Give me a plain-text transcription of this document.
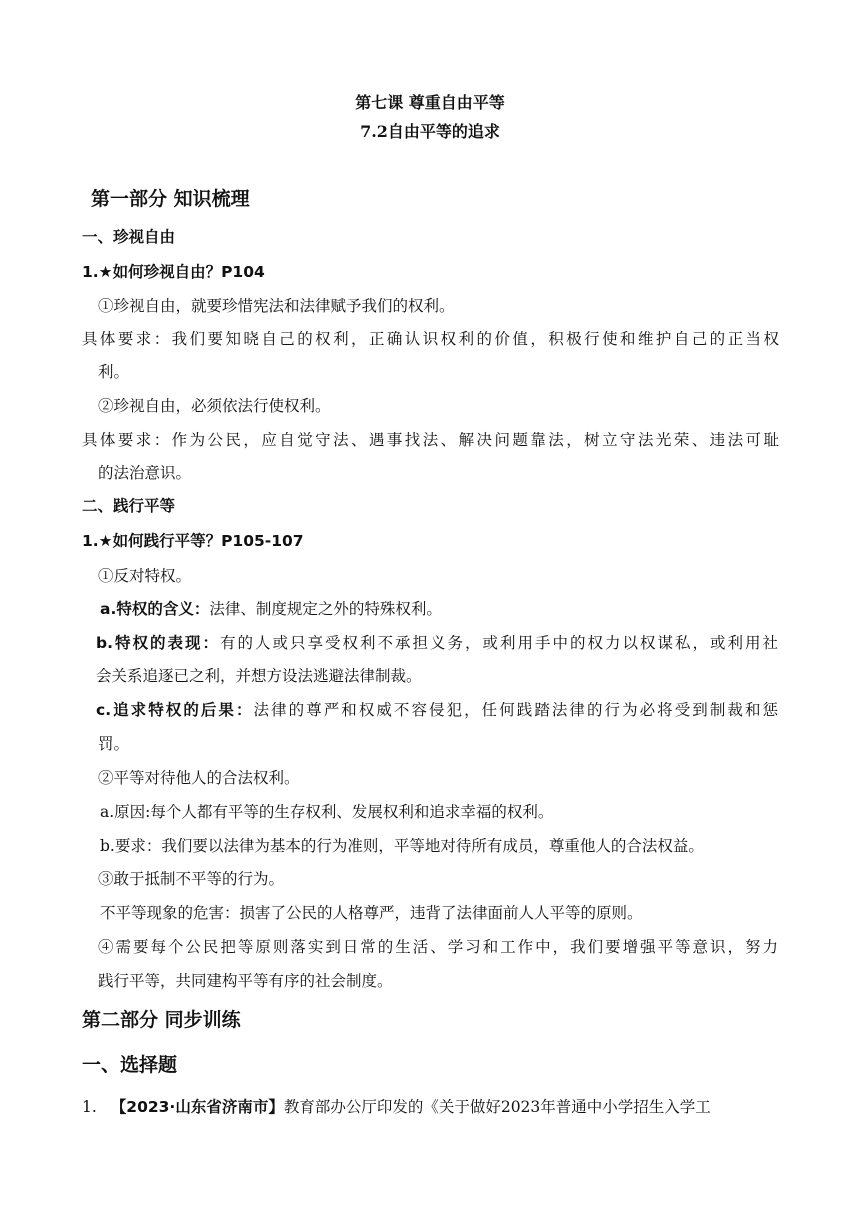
第七课 尊重自由平等
7.2自由平等的追求
第一部分 知识梳理
一、珍视自由
1.★如何珍视自由？P104
①珍视自由，就要珍惜宪法和法律赋予我们的权利。
具体要求：我们要知晓自己的权利，正确认识权利的价值，积极行使和维护自己的正当权
利。
②珍视自由，必须依法行使权利。
具体要求：作为公民，应自觉守法、遇事找法、解决问题靠法，树立守法光荣、违法可耻
的法治意识。
二、践行平等
1.★如何践行平等？P105-107
①反对特权。
a.特权的含义：法律、制度规定之外的特殊权利。
b.特权的表现：有的人或只享受权利不承担义务，或利用手中的权力以权谋私，或利用社
会关系追逐已之利，并想方设法逃避法律制裁。
c.追求特权的后果：法律的尊严和权威不容侵犯，任何践踏法律的行为必将受到制裁和惩
罚。
②平等对待他人的合法权利。
a.原因:每个人都有平等的生存权利、发展权利和追求幸福的权利。
b.要求：我们要以法律为基本的行为准则，平等地对待所有成员，尊重他人的合法权益。
③敢于抵制不平等的行为。
不平等现象的危害：损害了公民的人格尊严，违背了法律面前人人平等的原则。
④需要每个公民把等原则落实到日常的生活、学习和工作中，我们要增强平等意识，努力
践行平等，共同建构平等有序的社会制度。
第二部分 同步训练
一、选择题
1. 【2023·山东省济南市】教育部办公厅印发的《关于做好2023年普通中小学招生入学工
